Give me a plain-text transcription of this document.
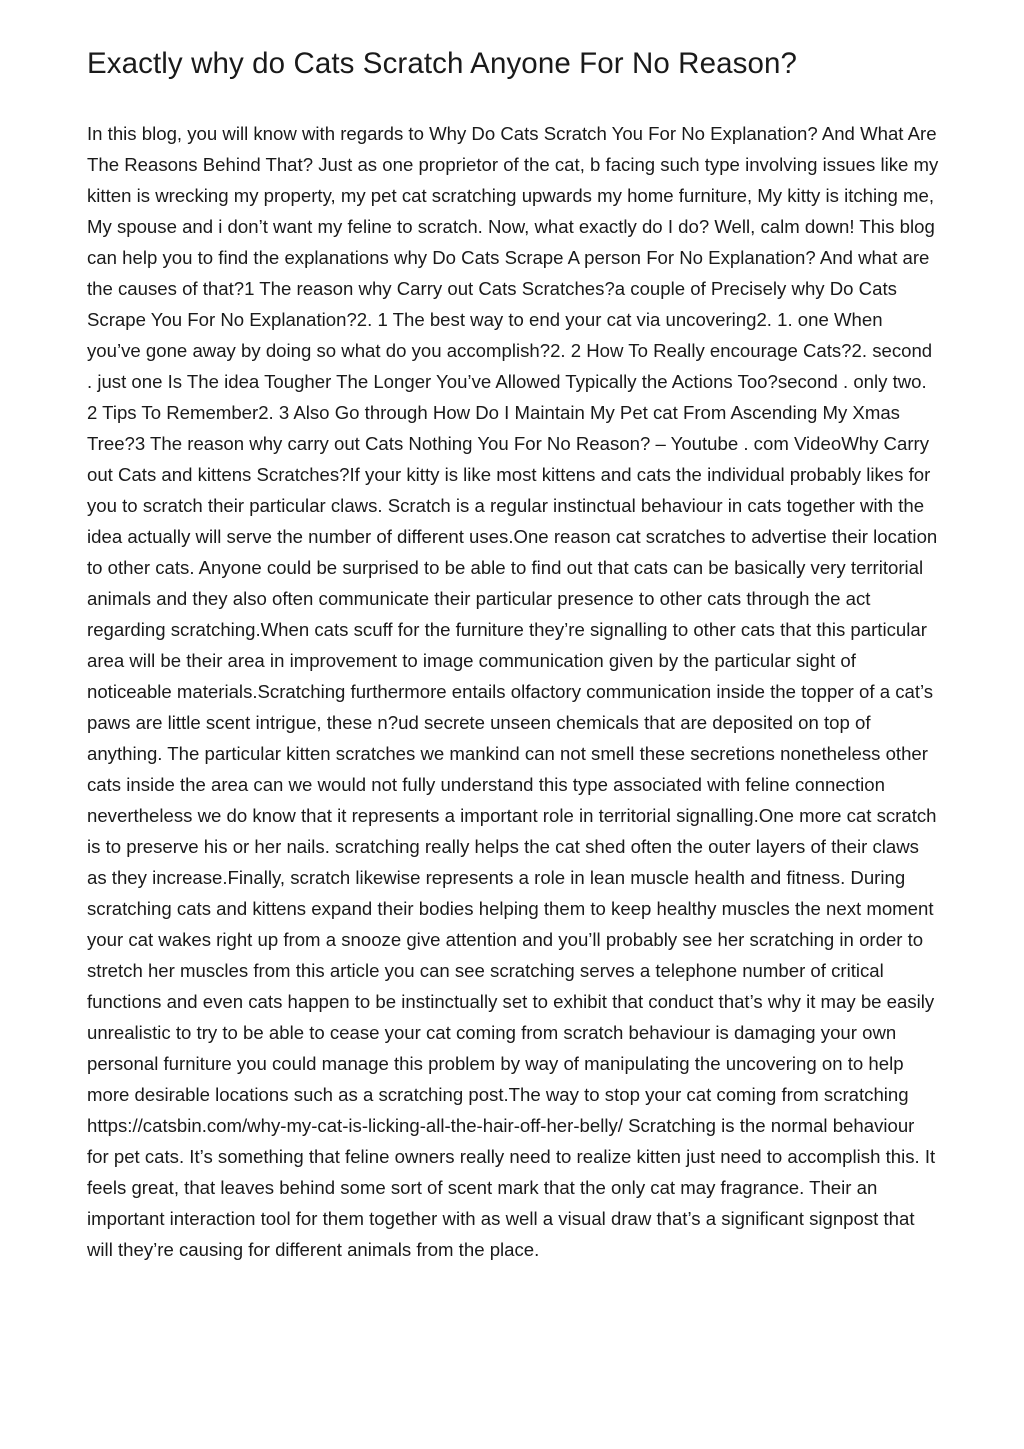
Exactly why do Cats Scratch Anyone For No Reason?

In this blog, you will know with regards to Why Do Cats Scratch You For No Explanation? And What Are The Reasons Behind That? Just as one proprietor of the cat, b facing such type involving issues like my kitten is wrecking my property, my pet cat scratching upwards my home furniture, My kitty is itching me, My spouse and i don’t want my feline to scratch. Now, what exactly do I do? Well, calm down! This blog can help you to find the explanations why Do Cats Scrape A person For No Explanation? And what are the causes of that?1 The reason why Carry out Cats Scratches?a couple of Precisely why Do Cats Scrape You For No Explanation?2. 1 The best way to end your cat via uncovering2. 1. one When you’ve gone away by doing so what do you accomplish?2. 2 How To Really encourage Cats?2. second . just one Is The idea Tougher The Longer You’ve Allowed Typically the Actions Too?second . only two. 2 Tips To Remember2. 3 Also Go through How Do I Maintain My Pet cat From Ascending My Xmas Tree?3 The reason why carry out Cats Nothing You For No Reason? – Youtube . com VideoWhy Carry out Cats and kittens Scratches?If your kitty is like most kittens and cats the individual probably likes for you to scratch their particular claws. Scratch is a regular instinctual behaviour in cats together with the idea actually will serve the number of different uses.One reason cat scratches to advertise their location to other cats. Anyone could be surprised to be able to find out that cats can be basically very territorial animals and they also often communicate their particular presence to other cats through the act regarding scratching.When cats scuff for the furniture they’re signalling to other cats that this particular area will be their area in improvement to image communication given by the particular sight of noticeable materials.Scratching furthermore entails olfactory communication inside the topper of a cat’s paws are little scent intrigue, these n?ud secrete unseen chemicals that are deposited on top of anything. The particular kitten scratches we mankind can not smell these secretions nonetheless other cats inside the area can we would not fully understand this type associated with feline connection nevertheless we do know that it represents a important role in territorial signalling.One more cat scratch is to preserve his or her nails. scratching really helps the cat shed often the outer layers of their claws as they increase.Finally, scratch likewise represents a role in lean muscle health and fitness. During scratching cats and kittens expand their bodies helping them to keep healthy muscles the next moment your cat wakes right up from a snooze give attention and you’ll probably see her scratching in order to stretch her muscles from this article you can see scratching serves a telephone number of critical functions and even cats happen to be instinctually set to exhibit that conduct that’s why it may be easily unrealistic to try to be able to cease your cat coming from scratch behaviour is damaging your own personal furniture you could manage this problem by way of manipulating the uncovering on to help more desirable locations such as a scratching post.The way to stop your cat coming from scratching https://catsbin.com/why-my-cat-is-licking-all-the-hair-off-her-belly/ Scratching is the normal behaviour for pet cats. It’s something that feline owners really need to realize kitten just need to accomplish this. It feels great, that leaves behind some sort of scent mark that the only cat may fragrance. Their an important interaction tool for them together with as well a visual draw that’s a significant signpost that will they’re causing for different animals from the place.
